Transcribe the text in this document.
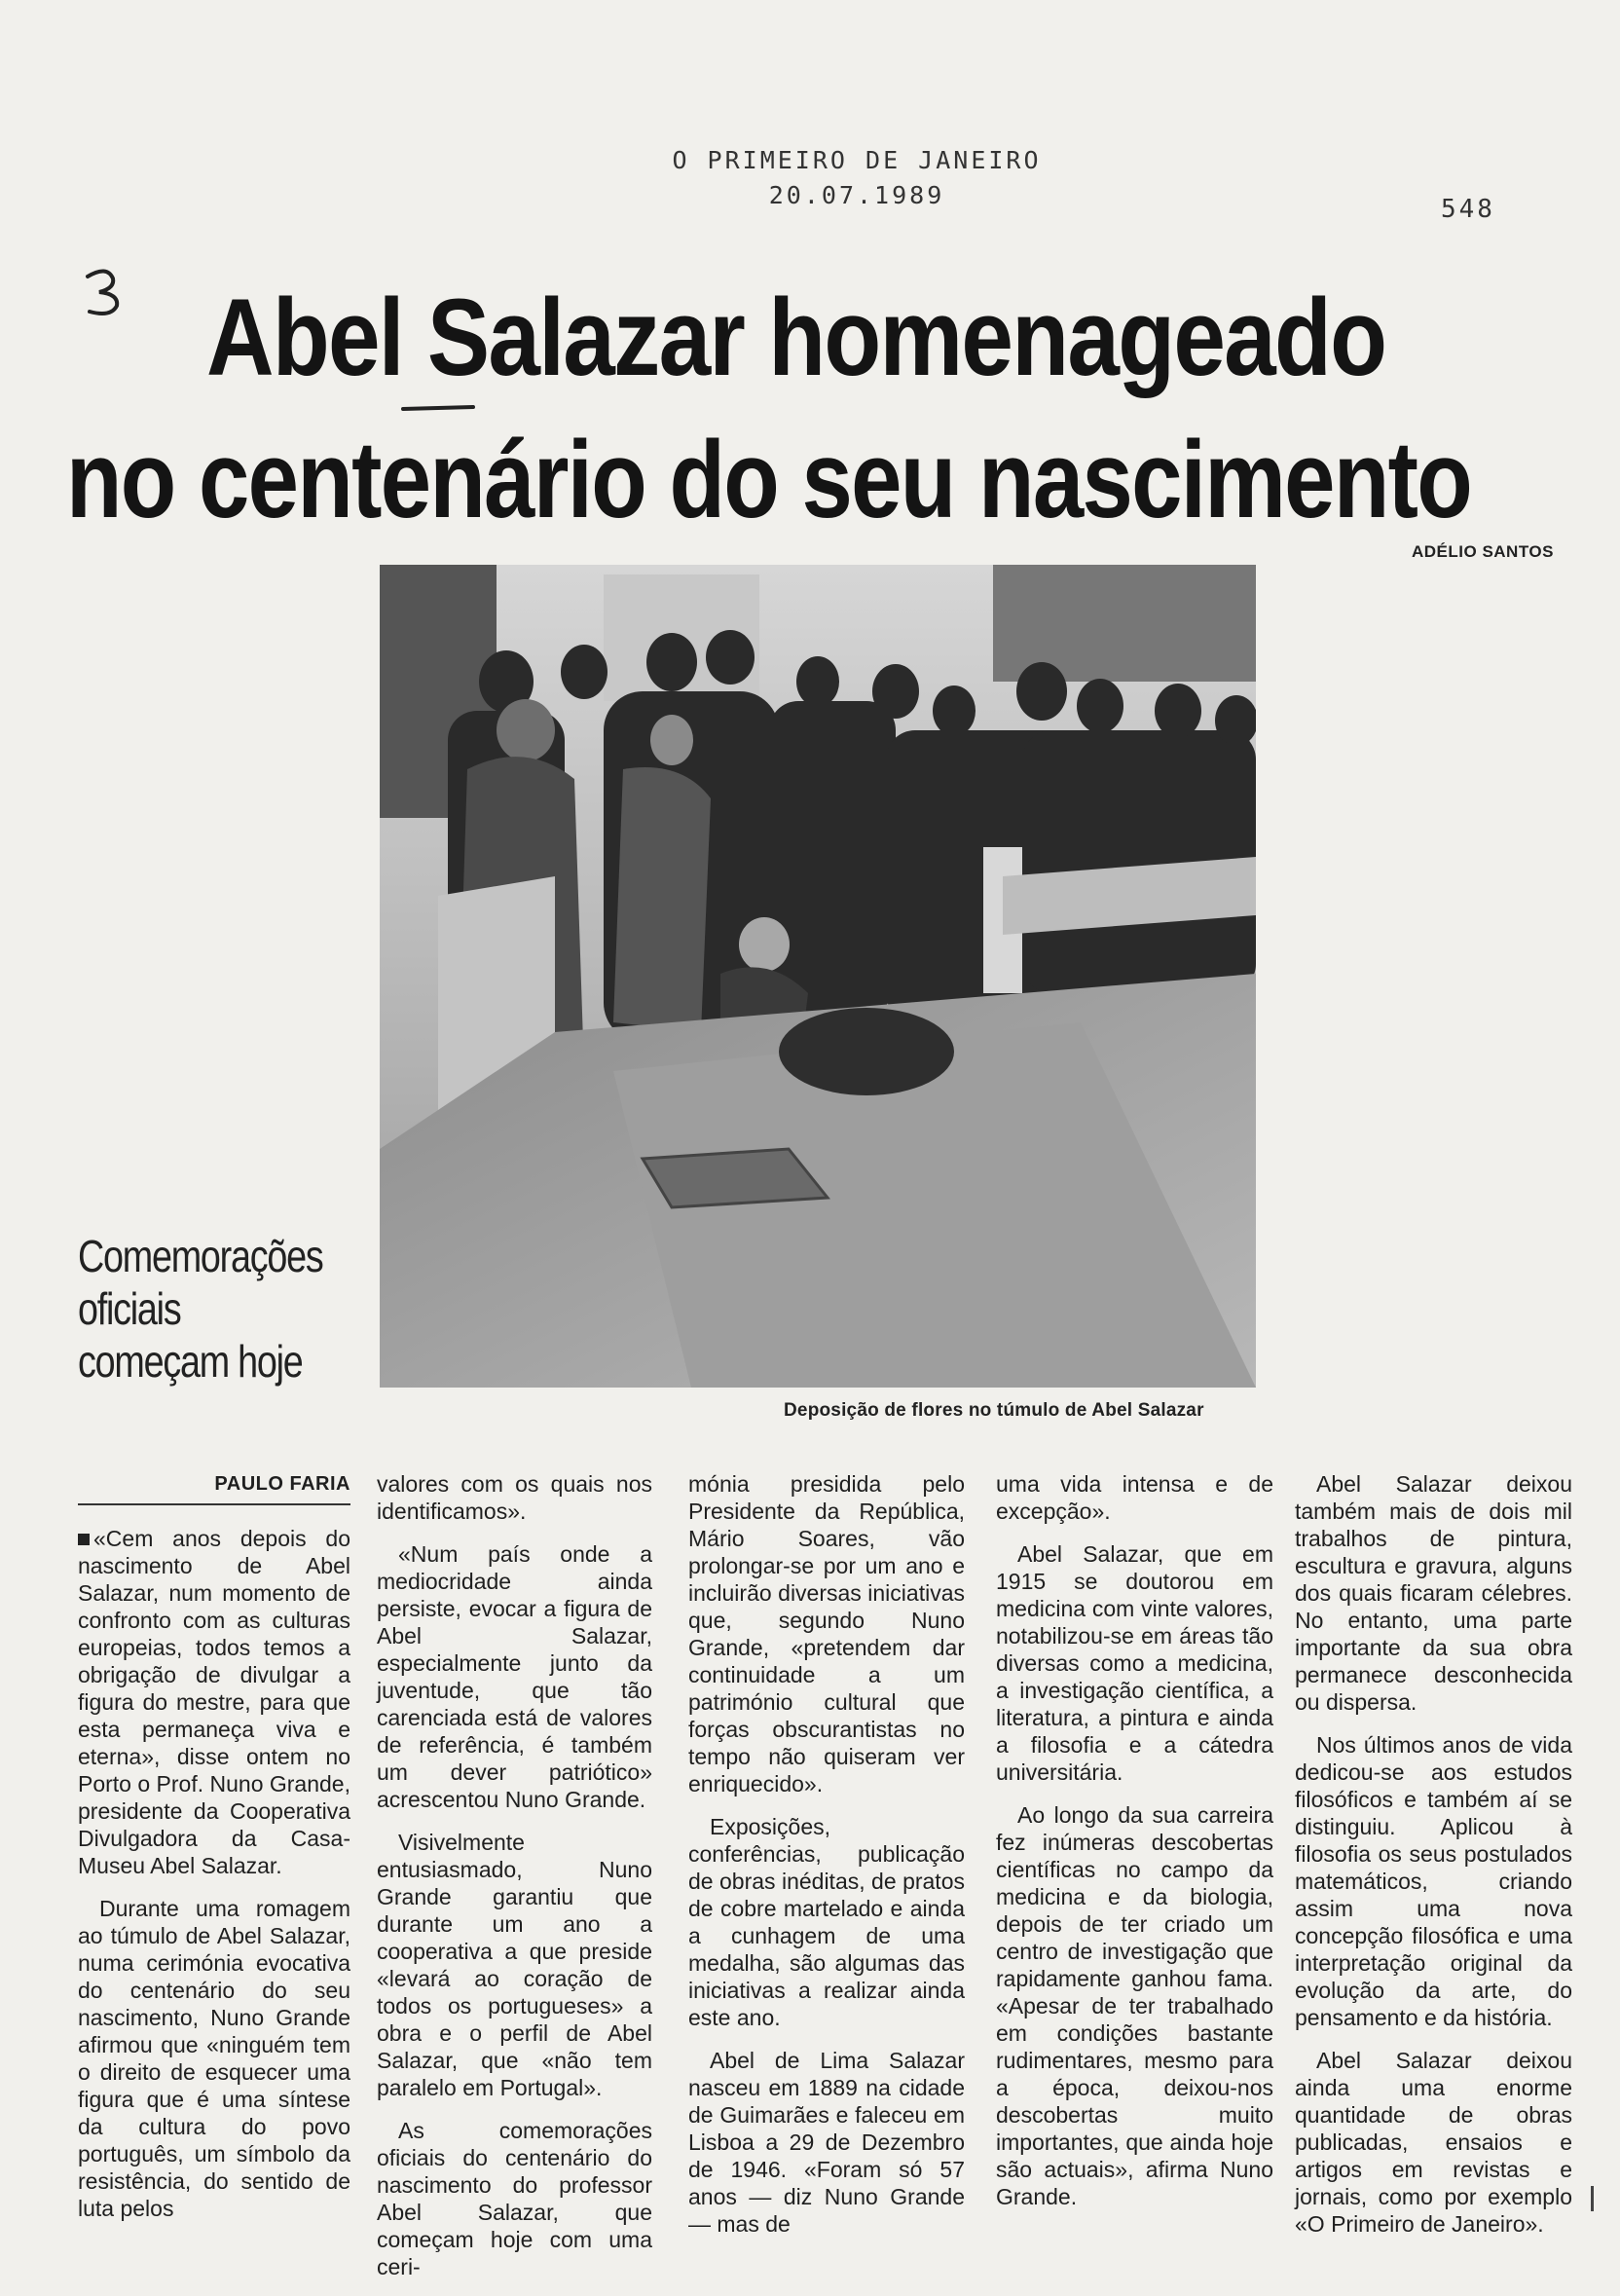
O PRIMEIRO DE JANEIRO
20.07.1989	548
Abel Salazar homenageado
no centenário do seu nascimento
ADÉLIO SANTOS
Comemorações
oficiais
começam hoje
Deposição de flores no túmulo de Abel Salazar
PAULO FARIA

«Cem anos depois do nascimento de Abel Salazar, num momento de confronto com as culturas europeias, todos temos a obrigação de divulgar a figura do mestre, para que esta permaneça viva e eterna», disse ontem no Porto o Prof. Nuno Grande, presidente da Cooperativa Divulgadora da Casa-Museu Abel Salazar.

Durante uma romagem ao túmulo de Abel Salazar, numa cerimónia evocativa do centenário do seu nascimento, Nuno Grande afirmou que «ninguém tem o direito de esquecer uma figura que é uma síntese da cultura do povo português, um símbolo da resistência, do sentido de luta pelos

valores com os quais nos identificamos».

«Num país onde a mediocridade ainda persiste, evocar a figura de Abel Salazar, especialmente junto da juventude, que tão carenciada está de valores de referência, é também um dever patriótico» acrescentou Nuno Grande.

Visivelmente entusiasmado, Nuno Grande garantiu que durante um ano a cooperativa a que preside «levará ao coração de todos os portugueses» a obra e o perfil de Abel Salazar, que «não tem paralelo em Portugal».

As comemorações oficiais do centenário do nascimento do professor Abel Salazar, que começam hoje com uma ceri-

mónia presidida pelo Presidente da República, Mário Soares, vão prolongar-se por um ano e incluirão diversas iniciativas que, segundo Nuno Grande, «pretendem dar continuidade a um património cultural que forças obscurantistas no tempo não quiseram ver enriquecido».

Exposições, conferências, publicação de obras inéditas, de pratos de cobre martelado e ainda a cunhagem de uma medalha, são algumas das iniciativas a realizar ainda este ano.

Abel de Lima Salazar nasceu em 1889 na cidade de Guimarães e faleceu em Lisboa a 29 de Dezembro de 1946. «Foram só 57 anos — diz Nuno Grande — mas de

uma vida intensa e de excepção».

Abel Salazar, que em 1915 se doutorou em medicina com vinte valores, notabilizou-se em áreas tão diversas como a medicina, a investigação científica, a literatura, a pintura e ainda a filosofia e a cátedra universitária.

Ao longo da sua carreira fez inúmeras descobertas científicas no campo da medicina e da biologia, depois de ter criado um centro de investigação que rapidamente ganhou fama. «Apesar de ter trabalhado em condições bastante rudimentares, mesmo para a época, deixou-nos descobertas muito importantes, que ainda hoje são actuais», afirma Nuno Grande.

Abel Salazar deixou também mais de dois mil trabalhos de pintura, escultura e gravura, alguns dos quais ficaram célebres. No entanto, uma parte importante da sua obra permanece desconhecida ou dispersa.

Nos últimos anos de vida dedicou-se aos estudos filosóficos e também aí se distinguiu. Aplicou à filosofia os seus postulados matemáticos, criando assim uma nova concepção filosófica e uma interpretação original da evolução da arte, do pensamento e da história.

Abel Salazar deixou ainda uma enorme quantidade de obras publicadas, ensaios e artigos em revistas e jornais, como por exemplo «O Primeiro de Janeiro».
